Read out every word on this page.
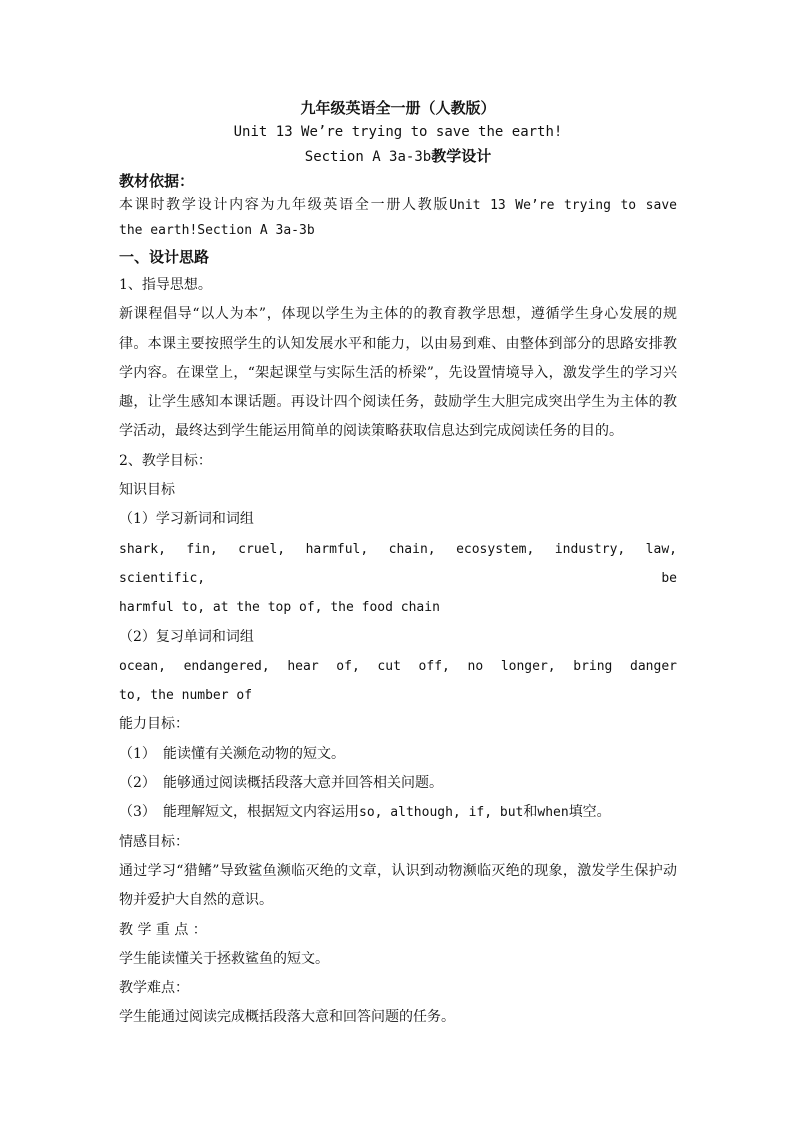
九年级英语全一册（人教版）

Unit 13 We’re trying to save the earth!

Section A 3a-3b教学设计

教材依据：

本课时教学设计内容为九年级英语全一册人教版Unit 13 We’re trying to save

the earth!Section A 3a-3b

一、设计思路

1、指导思想。

新课程倡导“以人为本”，体现以学生为主体的的教育教学思想，遵循学生身心发展的规律。本课主要按照学生的认知发展水平和能力，以由易到难、由整体到部分的思路安排教学内容。在课堂上，“架起课堂与实际生活的桥梁”，先设置情境导入，激发学生的学习兴趣，让学生感知本课话题。再设计四个阅读任务，鼓励学生大胆完成突出学生为主体的教学活动，最终达到学生能运用简单的阅读策略获取信息达到完成阅读任务的目的。

2、教学目标：

知识目标

（1）学习新词和词组

shark, fin, cruel, harmful, chain, ecosystem, industry, law, scientific, be

harmful to, at the top of, the food chain

（2）复习单词和词组

ocean, endangered, hear of, cut off, no longer, bring danger

to, the number of

能力目标：

（1） 能读懂有关濒危动物的短文。

（2） 能够通过阅读概括段落大意并回答相关问题。

（3） 能理解短文，根据短文内容运用so, although, if, but和when填空。

情感目标：

通过学习“猎鳍”导致鲨鱼濒临灭绝的文章，认识到动物濒临灭绝的现象，激发学生保护动物并爱护大自然的意识。

教 学 重 点 ：

学生能读懂关于拯救鲨鱼的短文。

教学难点：

学生能通过阅读完成概括段落大意和回答问题的任务。
